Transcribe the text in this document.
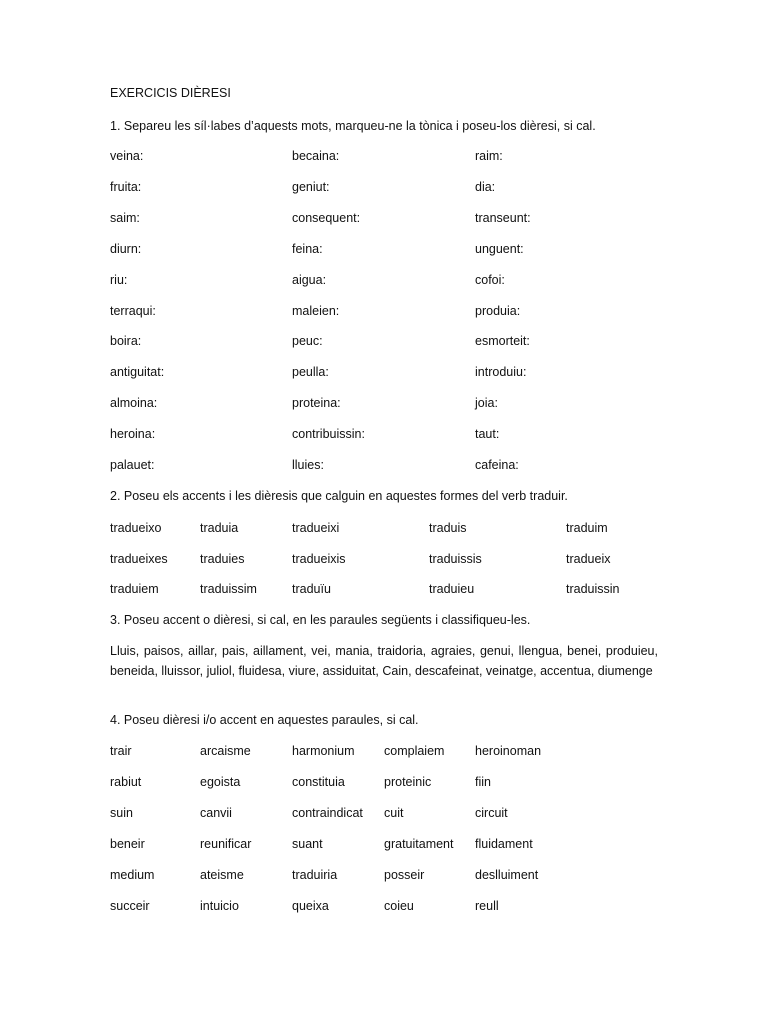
EXERCICIS DIÈRESI
1. Separeu les síl·labes d’aquests mots, marqueu-ne la tònica i poseu-los dièresi, si cal.
veina:	becaina:	raim:
fruita:	geniut:	dia:
saim:	consequent:	transeunt:
diurn:	feina:	unguent:
riu:	aigua:	cofoi:
terraqui:	maleien:	produia:
boira:	peuc:	esmorteit:
antiguitat:	peulla:	introduiu:
almoina:	proteina:	joia:
heroina:	contribuissin:	taut:
palauet:	lluies:	cafeina:
2. Poseu els accents i les dièresis que calguin en aquestes formes del verb traduir.
tradueixo	traduia	tradueixi	traduis	traduim
tradueixes	traduies	tradueixis	traduissis	tradueix
traduiem	traduissim	traduïu	traduieu	traduissin
3. Poseu accent o dièresi, si cal, en les paraules següents i classifiqueu-les.
Lluis, paisos, aillar, pais, aillament, vei, mania, traidoria, agraies, genui, llengua, benei, produieu, beneida, lluissor, juliol, fluidesa, viure, assiduitat, Cain, descafeinat, veinatge, accentua, diumenge
4. Poseu dièresi i/o accent en aquestes paraules, si cal.
trair	arcaisme	harmonium complaiem heroinoman
rabiut	egoista	constituia	proteinic	fiin
suin	canvii	contraindicat cuit	circuit
beneir	reunificar	suant	gratuitament fluidament
medium	ateisme	traduiria	posseir	deslluiment
succeir	intuicio	queixa	coieu	reull
